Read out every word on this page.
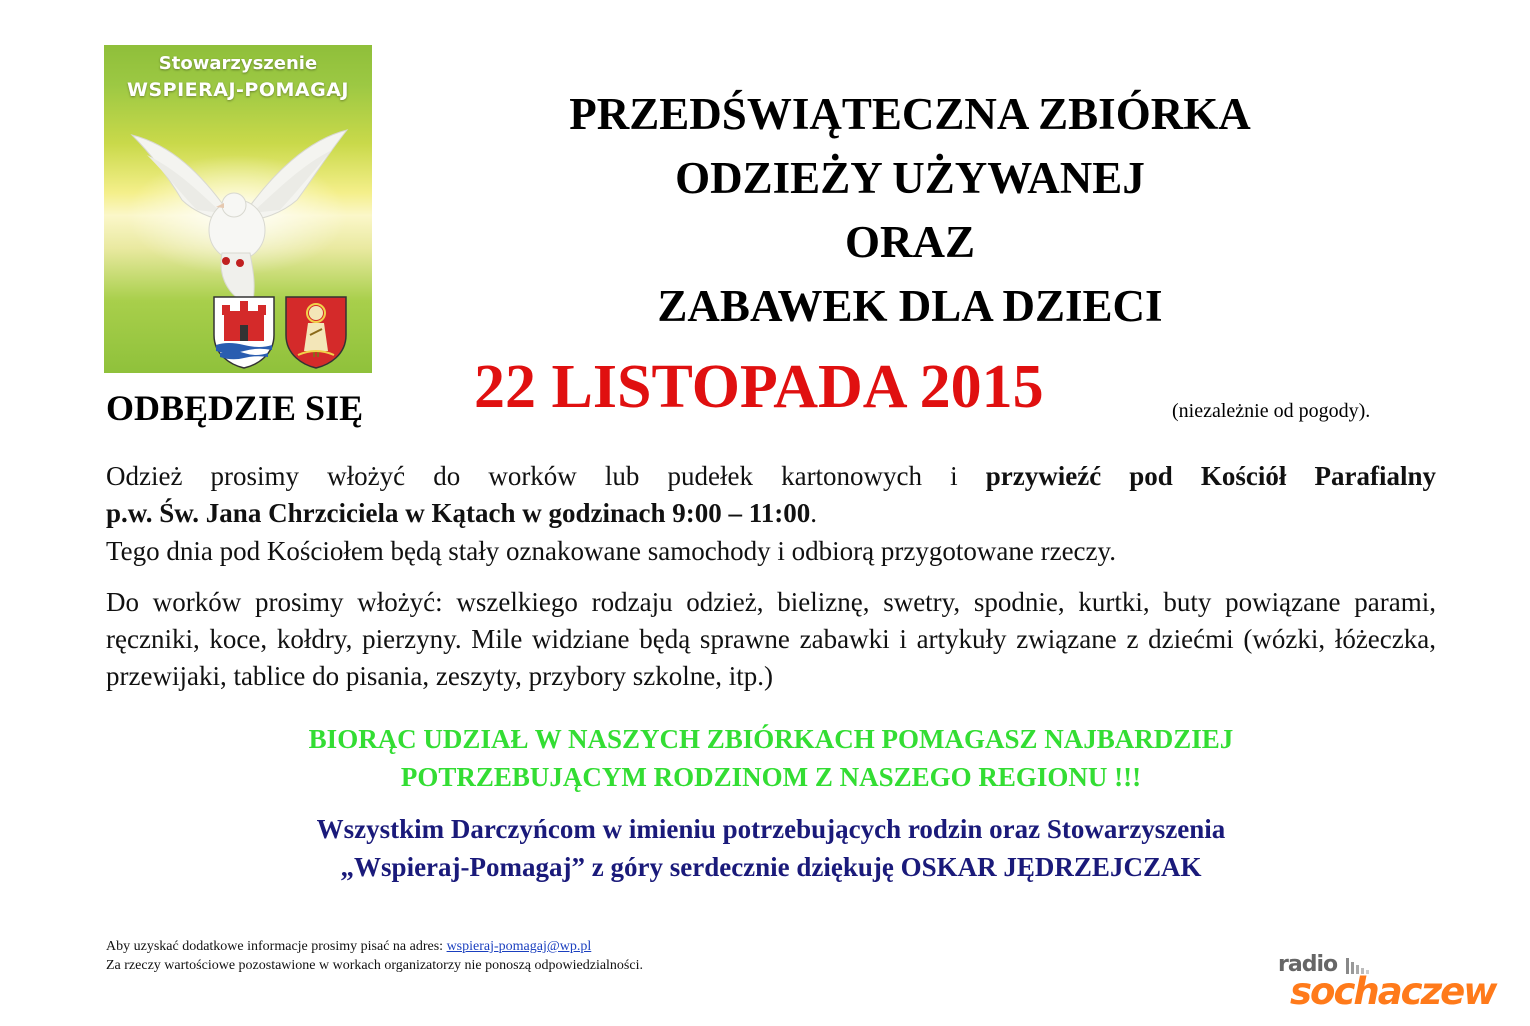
Stowarzyszenie
WSPIERAJ-POMAGAJ	PRZEDŚWIĄTECZNA ZBIÓRKA
ODZIEŻY UŻYWANEJ
ORAZ
ZABAWEK DLA DZIECI
ODBĘDZIE SIĘ 22 LISTOPADA 2015	(niezależnie od pogody).
Odzież prosimy włożyć do worków lub pudełek kartonowych i przywieźć pod Kościół Parafialny
p.w. Św. Jana Chrzciciela w Kątach w godzinach 9:00 – 11:00.
Tego dnia pod Kościołem będą stały oznakowane samochody i odbiorą przygotowane rzeczy.
Do worków prosimy włożyć: wszelkiego rodzaju odzież, bieliznę, swetry, spodnie, kurtki, buty powiązane parami, ręczniki, koce, kołdry, pierzyny. Mile widziane będą sprawne zabawki i artykuły związane z dziećmi (wózki, łóżeczka, przewijaki, tablice do pisania, zeszyty, przybory szkolne, itp.)
BIORĄC UDZIAŁ W NASZYCH ZBIÓRKACH POMAGASZ NAJBARDZIEJ
POTRZEBUJĄCYM RODZINOM Z NASZEGO REGIONU !!!
Wszystkim Darczyńcom w imieniu potrzebujących rodzin oraz Stowarzyszenia
„Wspieraj-Pomagaj” z góry serdecznie dziękuję OSKAR JĘDRZEJCZAK
Aby uzyskać dodatkowe informacje prosimy pisać na adres: wspieraj-pomagaj@wp.pl
Za rzeczy wartościowe pozostawione w workach organizatorzy nie ponoszą odpowiedzialności.	radio
sochaczew
